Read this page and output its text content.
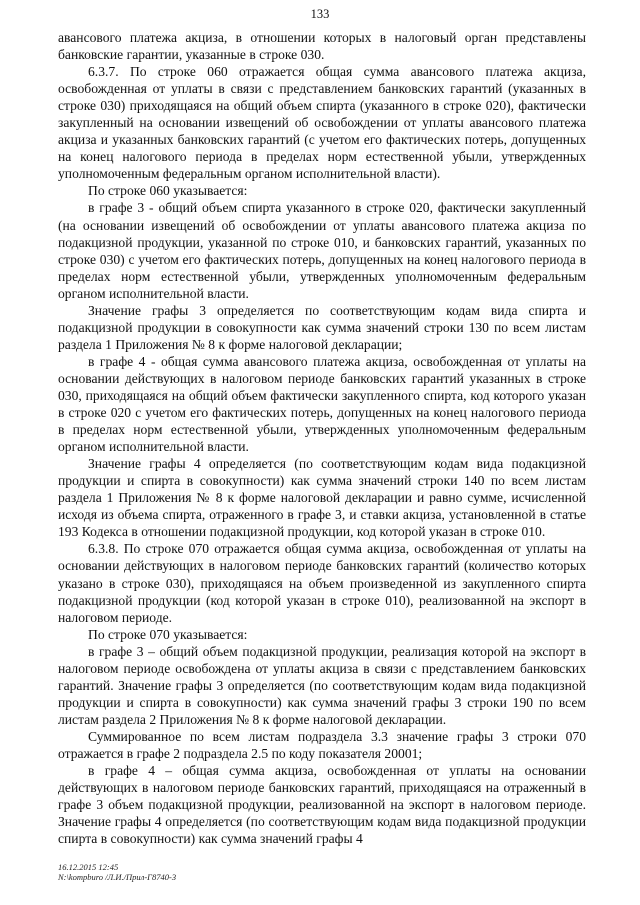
133

авансового платежа акциза, в отношении которых в налоговый орган представлены банковские гарантии, указанные в строке 030.

6.3.7. По строке 060 отражается общая сумма авансового платежа акциза, освобожденная от уплаты в связи с представлением банковских гарантий (указанных в строке 030) приходящаяся на общий объем спирта (указанного в строке 020), фактически закупленный на основании извещений об освобождении от уплаты авансового платежа акциза и указанных банковских гарантий (с учетом его фактических потерь, допущенных на конец налогового периода в пределах норм естественной убыли, утвержденных уполномоченным федеральным органом исполнительной власти).

По строке 060 указывается:

в графе 3 - общий объем спирта указанного в строке 020, фактически закупленный (на основании извещений об освобождении от уплаты авансового платежа акциза по подакцизной продукции, указанной по строке 010, и банковских гарантий, указанных по строке 030) с учетом его фактических потерь, допущенных на конец налогового периода в пределах норм естественной убыли, утвержденных уполномоченным федеральным органом исполнительной власти.

Значение графы 3 определяется по соответствующим кодам вида спирта и подакцизной продукции в совокупности как сумма значений строки 130 по всем листам раздела 1 Приложения № 8 к форме налоговой декларации;

в графе 4 - общая сумма авансового платежа акциза, освобожденная от уплаты на основании действующих в налоговом периоде банковских гарантий указанных в строке 030, приходящаяся на общий объем фактически закупленного спирта, код которого указан в строке 020 с учетом его фактических потерь, допущенных на конец налогового периода в пределах норм естественной убыли, утвержденных уполномоченным федеральным органом исполнительной власти.

Значение графы 4 определяется (по соответствующим кодам вида подакцизной продукции и спирта в совокупности) как сумма значений строки 140 по всем листам раздела 1 Приложения № 8 к форме налоговой декларации и равно сумме, исчисленной исходя из объема спирта, отраженного в графе 3, и ставки акциза, установленной в статье 193 Кодекса в отношении подакцизной продукции, код которой указан в строке 010.

6.3.8. По строке 070 отражается общая сумма акциза, освобожденная от уплаты на основании действующих в налоговом периоде банковских гарантий (количество которых указано в строке 030), приходящаяся на объем произведенной из закупленного спирта подакцизной продукции (код которой указан в строке 010), реализованной на экспорт в налоговом периоде.

По строке 070 указывается:

в графе 3 – общий объем подакцизной продукции, реализация которой на экспорт в налоговом периоде освобождена от уплаты акциза в связи с представлением банковских гарантий. Значение графы 3 определяется (по соответствующим кодам вида подакцизной продукции и спирта в совокупности) как сумма значений графы 3 строки 190 по всем листам раздела 2 Приложения № 8 к форме налоговой декларации.

Суммированное по всем листам подраздела 3.3 значение графы 3 строки 070 отражается в графе 2 подраздела 2.5 по коду показателя 20001;

в графе 4 – общая сумма акциза, освобожденная от уплаты на основании действующих в налоговом периоде банковских гарантий, приходящаяся на отраженный в графе 3 объем подакцизной продукции, реализованной на экспорт в налоговом периоде. Значение графы 4 определяется (по соответствующим кодам вида подакцизной продукции спирта в совокупности) как сумма значений графы 4

16.12.2015 12:45
N:\kompburo /Л.И./Прил-Г8740-3
